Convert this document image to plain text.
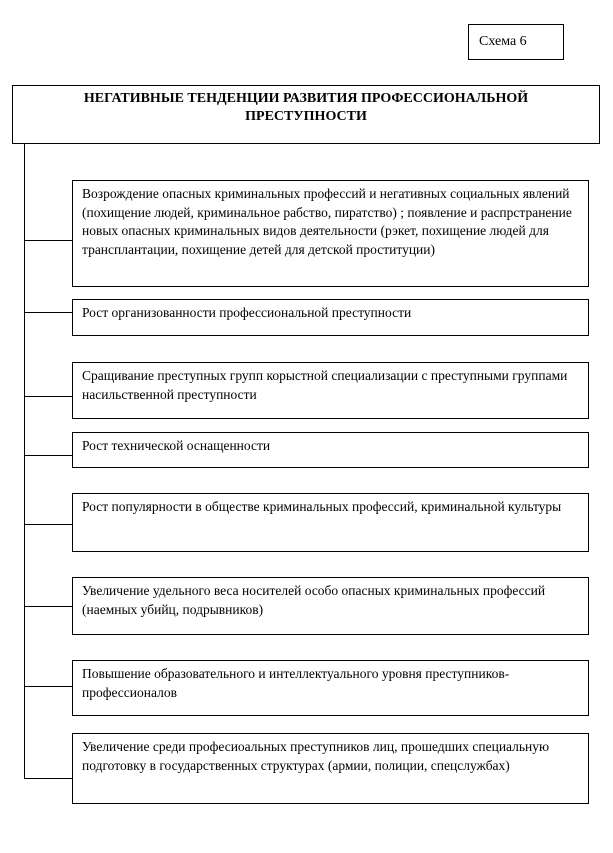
Схема 6
НЕГАТИВНЫЕ ТЕНДЕНЦИИ РАЗВИТИЯ ПРОФЕССИОНАЛЬНОЙ ПРЕСТУПНОСТИ
Возрождение опасных криминальных профессий и негативных социальных явлений (похищение людей, криминальное рабство, пиратство) ; появление и распрстранение новых опасных криминальных видов деятельности (рэкет, похищение людей для трансплантации, похищение детей для детской проституции)
Рост организованности профессиональной преступности
Сращивание преступных групп корыстной специализации с преступными группами насильственной преступности
Рост технической оснащенности
Рост популярности в обществе криминальных профессий, криминальной культуры
Увеличение удельного веса носителей особо опасных криминальных профессий (наемных убийц, подрывников)
Повышение образовательного и интеллектуального уровня преступников-профессионалов
Увеличение среди професиоальных преступников лиц, прошедших специальную подготовку в государственных структурах (армии, полиции, спецслужбах)
